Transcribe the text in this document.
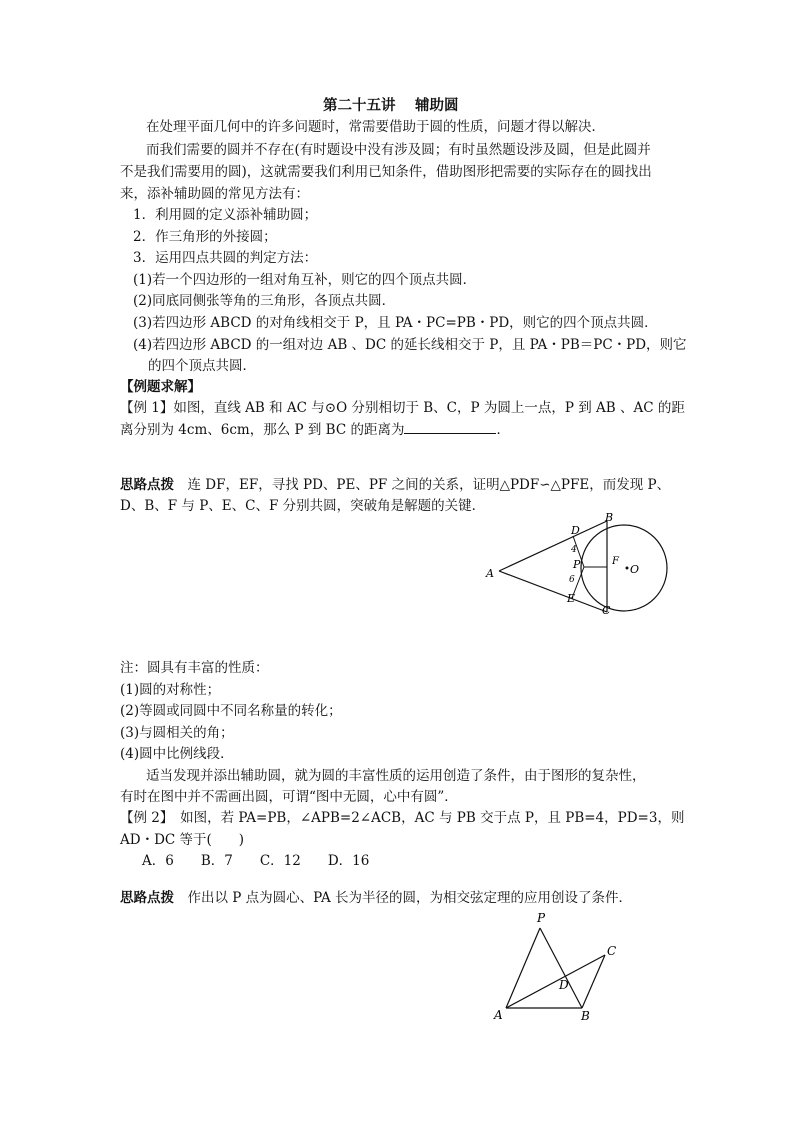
第二十五讲　 辅助圆
在处理平面几何中的许多问题时，常需要借助于圆的性质，问题才得以解决．
而我们需要的圆并不存在(有时题设中没有涉及圆；有时虽然题设涉及圆，但是此圆并
不是我们需要用的圆)，这就需要我们利用已知条件，借助图形把需要的实际存在的圆找出
来，添补辅助圆的常见方法有：
1．利用圆的定义添补辅助圆；
2．作三角形的外接圆；
3．运用四点共圆的判定方法：
(1)若一个四边形的一组对角互补，则它的四个顶点共圆．
(2)同底同侧张等角的三角形，各顶点共圆．
(3)若四边形 ABCD 的对角线相交于 P，且 PA・PC=PB・PD，则它的四个顶点共圆．
(4)若四边形 ABCD 的一组对边 AB 、DC 的延长线相交于 P，且 PA・PB＝PC・PD，则它
的四个顶点共圆．
【例题求解】
【例 1】如图，直线 AB 和 AC 与⊙O 分别相切于 B、C，P 为圆上一点，P 到 AB 、AC 的距
离分别为 4cm、6cm，那么 P 到 BC 的距离为	．
思路点拨　 连 DF，EF，寻找 PD、PE、PF 之间的关系，证明△PDF∽△PFE，而发现 P、
D、B、F 与 P、E、C、F 分别共圆，突破角是解题的关键．
A
B
C
D
E
P	F
O
4
6
注：圆具有丰富的性质：
(1)圆的对称性；
(2)等圆或同圆中不同名称量的转化；
(3)与圆相关的角；
(4)圆中比例线段．
适当发现并添出辅助圆，就为圆的丰富性质的运用创造了条件，由于图形的复杂性，
有时在图中并不需画出圆，可谓“图中无圆，心中有圆”．
【例 2】　如图，若 PA=PB，∠APB=2∠ACB，AC 与 PB 交于点 P，且 PB=4，PD=3，则
AD・DC 等于(　　)
A．6　　B．7　　C．12　　D．16
思路点拨　 作出以 P 点为圆心、PA 长为半径的圆，为相交弦定理的应用创设了条件．
P
A	B
C
D
